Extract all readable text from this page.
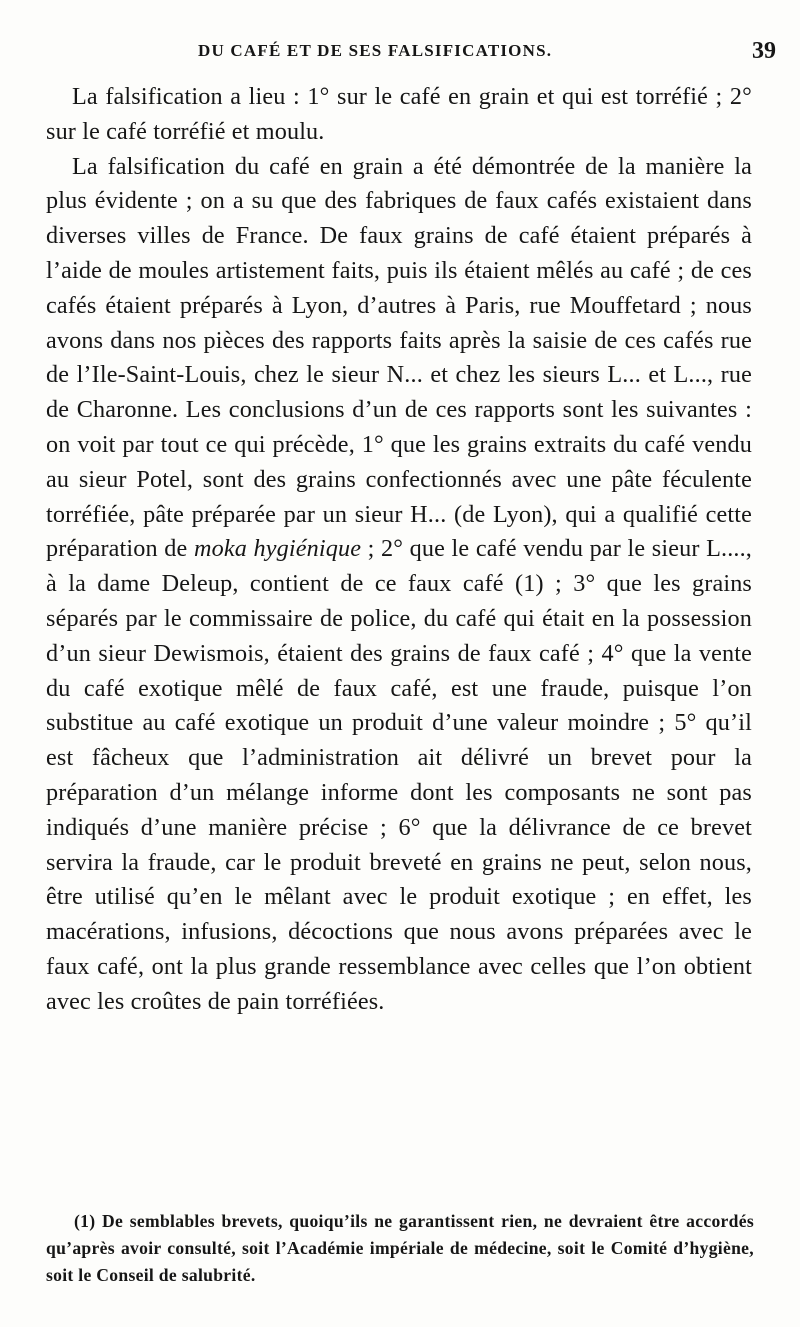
DU CAFÉ ET DE SES FALSIFICATIONS.	39

La falsification a lieu : 1° sur le café en grain et qui est torréfié ; 2° sur le café torréfié et moulu.

La falsification du café en grain a été démontrée de la manière la plus évidente ; on a su que des fabriques de faux cafés existaient dans diverses villes de France. De faux grains de café étaient préparés à l’aide de moules artistement faits, puis ils étaient mêlés au café ; de ces cafés étaient préparés à Lyon, d’autres à Paris, rue Mouffetard ; nous avons dans nos pièces des rapports faits après la saisie de ces cafés rue de l’Ile-Saint-Louis, chez le sieur N... et chez les sieurs L... et L..., rue de Charonne. Les conclusions d’un de ces rapports sont les suivantes : on voit par tout ce qui précède, 1° que les grains extraits du café vendu au sieur Potel, sont des grains confectionnés avec une pâte féculente torréfiée, pâte préparée par un sieur H... (de Lyon), qui a qualifié cette préparation de moka hygiénique ; 2° que le café vendu par le sieur L...., à la dame Deleup, contient de ce faux café (1) ; 3° que les grains séparés par le commissaire de police, du café qui était en la possession d’un sieur Dewismois, étaient des grains de faux café ; 4° que la vente du café exotique mêlé de faux café, est une fraude, puisque l’on substitue au café exotique un produit d’une valeur moindre ; 5° qu’il est fâcheux que l’administration ait délivré un brevet pour la préparation d’un mélange informe dont les composants ne sont pas indiqués d’une manière précise ; 6° que la délivrance de ce brevet servira la fraude, car le produit breveté en grains ne peut, selon nous, être utilisé qu’en le mêlant avec le produit exotique ; en effet, les macérations, infusions, décoctions que nous avons préparées avec le faux café, ont la plus grande ressemblance avec celles que l’on obtient avec les croûtes de pain torréfiées.

(1) De semblables brevets, quoiqu’ils ne garantissent rien, ne devraient être accordés qu’après avoir consulté, soit l’Académie impériale de médecine, soit le Comité d’hygiène, soit le Conseil de salubrité.
